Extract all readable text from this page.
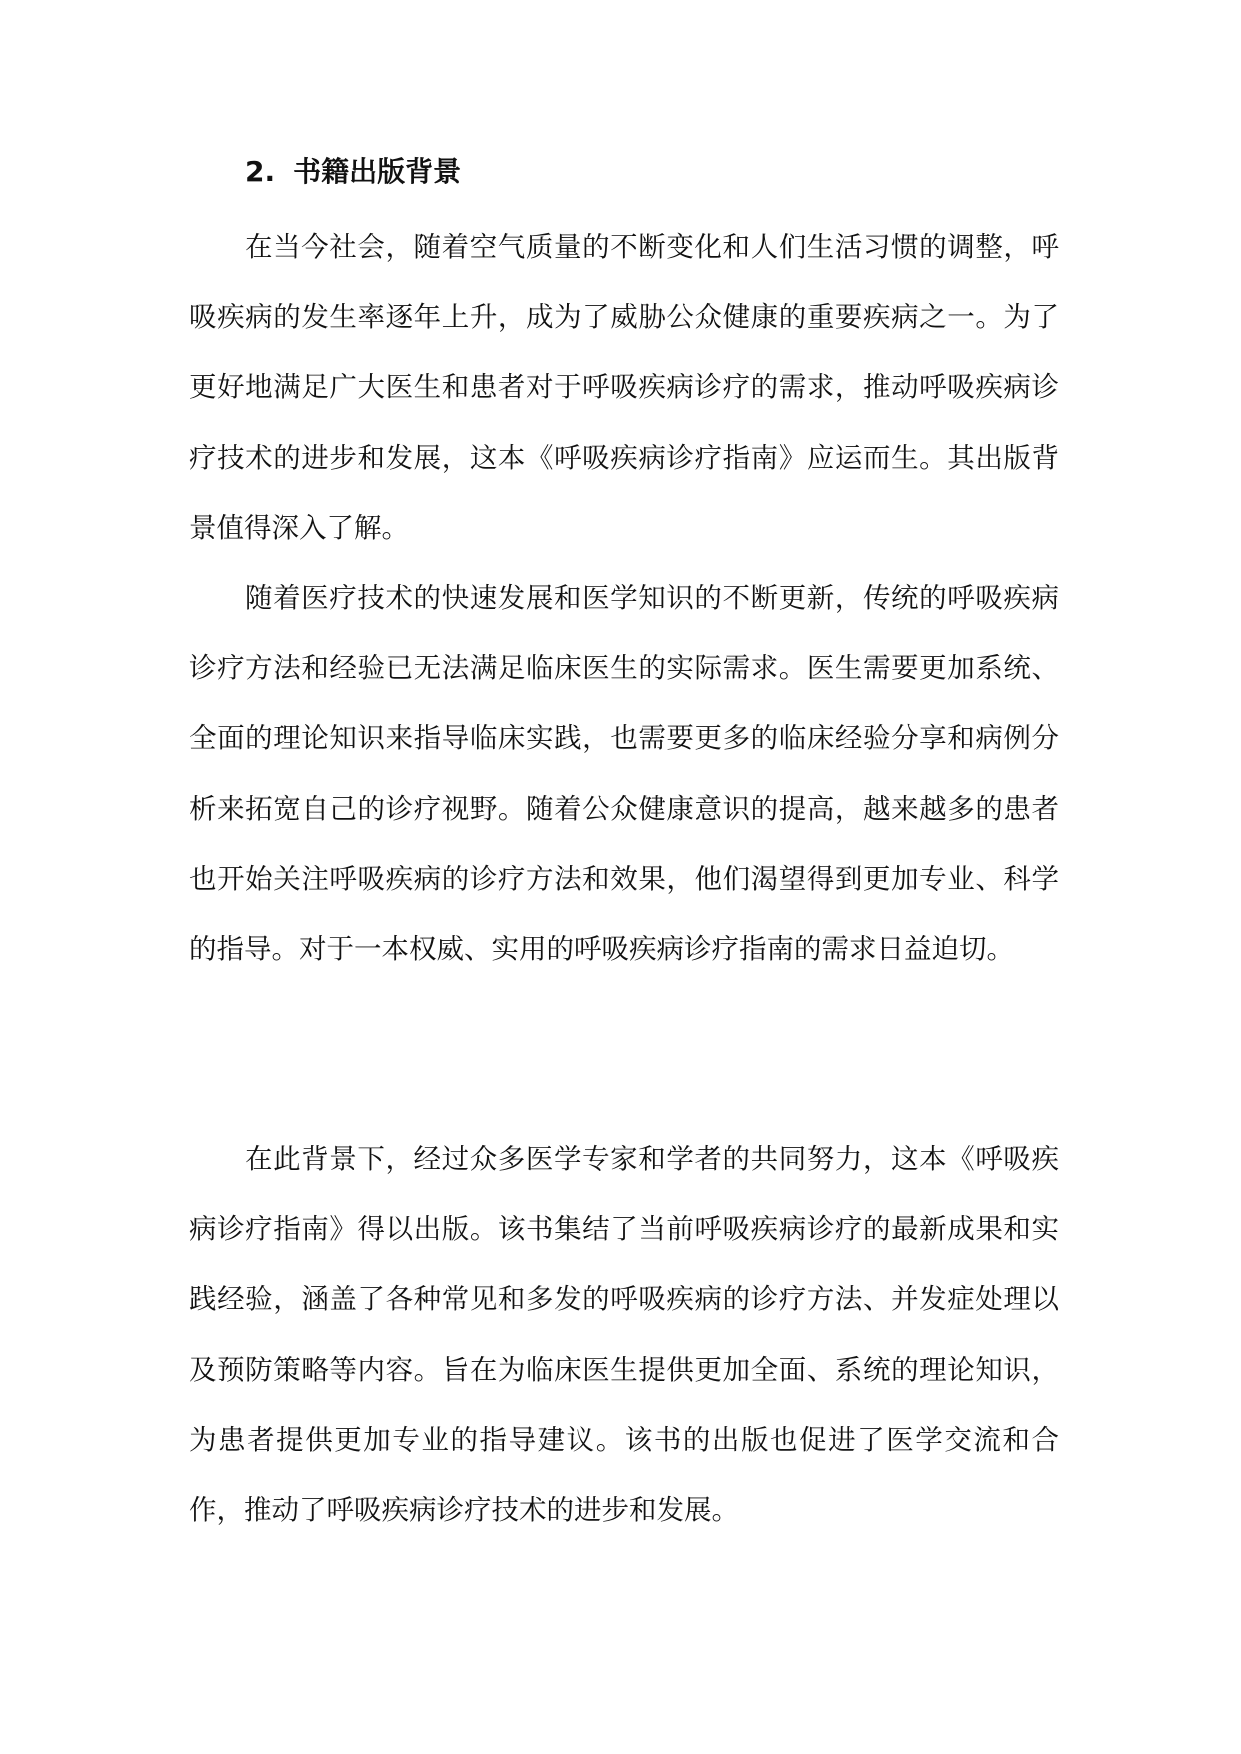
2. 书籍出版背景

在当今社会，随着空气质量的不断变化和人们生活习惯的调整，呼吸疾病的发生率逐年上升，成为了威胁公众健康的重要疾病之一。为了更好地满足广大医生和患者对于呼吸疾病诊疗的需求，推动呼吸疾病诊疗技术的进步和发展，这本《呼吸疾病诊疗指南》应运而生。其出版背景值得深入了解。

随着医疗技术的快速发展和医学知识的不断更新，传统的呼吸疾病诊疗方法和经验已无法满足临床医生的实际需求。医生需要更加系统、全面的理论知识来指导临床实践，也需要更多的临床经验分享和病例分析来拓宽自己的诊疗视野。随着公众健康意识的提高，越来越多的患者也开始关注呼吸疾病的诊疗方法和效果，他们渴望得到更加专业、科学的指导。对于一本权威、实用的呼吸疾病诊疗指南的需求日益迫切。

在此背景下，经过众多医学专家和学者的共同努力，这本《呼吸疾病诊疗指南》得以出版。该书集结了当前呼吸疾病诊疗的最新成果和实践经验，涵盖了各种常见和多发的呼吸疾病的诊疗方法、并发症处理以及预防策略等内容。旨在为临床医生提供更加全面、系统的理论知识，为患者提供更加专业的指导建议。该书的出版也促进了医学交流和合作，推动了呼吸疾病诊疗技术的进步和发展。
